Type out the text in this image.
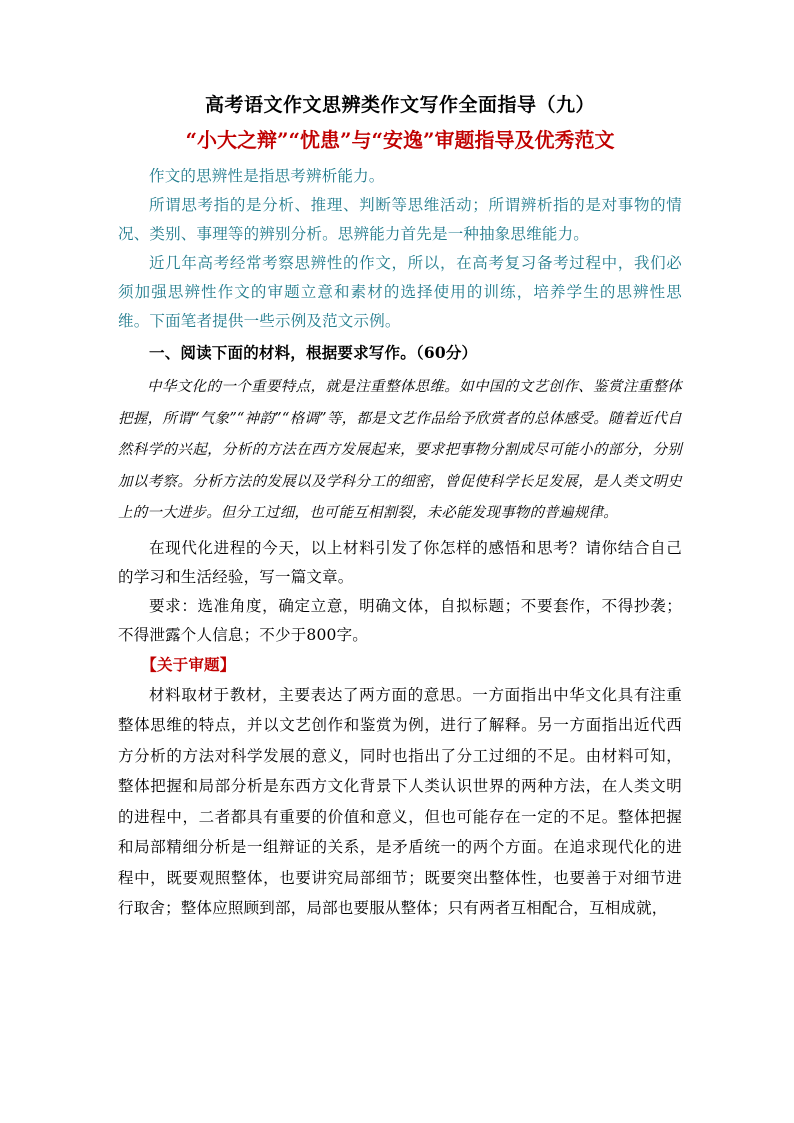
高考语文作文思辨类作文写作全面指导（九）
“小大之辩”“忧患”与“安逸”审题指导及优秀范文

作文的思辨性是指思考辨析能力。

所谓思考指的是分析、推理、判断等思维活动；所谓辨析指的是对事物的情况、类别、事理等的辨别分析。思辨能力首先是一种抽象思维能力。

近几年高考经常考察思辨性的作文，所以，在高考复习备考过程中，我们必须加强思辨性作文的审题立意和素材的选择使用的训练，培养学生的思辨性思维。下面笔者提供一些示例及范文示例。

一、阅读下面的材料，根据要求写作。（60分）

中华文化的一个重要特点，就是注重整体思维。如中国的文艺创作、鉴赏注重整体把握，所谓“气象”“神韵”“格调”等，都是文艺作品给予欣赏者的总体感受。随着近代自然科学的兴起，分析的方法在西方发展起来，要求把事物分割成尽可能小的部分，分别加以考察。分析方法的发展以及学科分工的细密，曾促使科学长足发展，是人类文明史上的一大进步。但分工过细，也可能互相割裂，未必能发现事物的普遍规律。

在现代化进程的今天，以上材料引发了你怎样的感悟和思考？请你结合自己的学习和生活经验，写一篇文章。

要求：选准角度，确定立意，明确文体，自拟标题；不要套作，不得抄袭；不得泄露个人信息；不少于800字。

【关于审题】

材料取材于教材，主要表达了两方面的意思。一方面指出中华文化具有注重整体思维的特点，并以文艺创作和鉴赏为例，进行了解释。另一方面指出近代西方分析的方法对科学发展的意义，同时也指出了分工过细的不足。由材料可知，整体把握和局部分析是东西方文化背景下人类认识世界的两种方法，在人类文明的进程中，二者都具有重要的价值和意义，但也可能存在一定的不足。整体把握和局部精细分析是一组辩证的关系，是矛盾统一的两个方面。在追求现代化的进程中，既要观照整体，也要讲究局部细节；既要突出整体性，也要善于对细节进行取舍；整体应照顾到部，局部也要服从整体；只有两者互相配合，互相成就，
